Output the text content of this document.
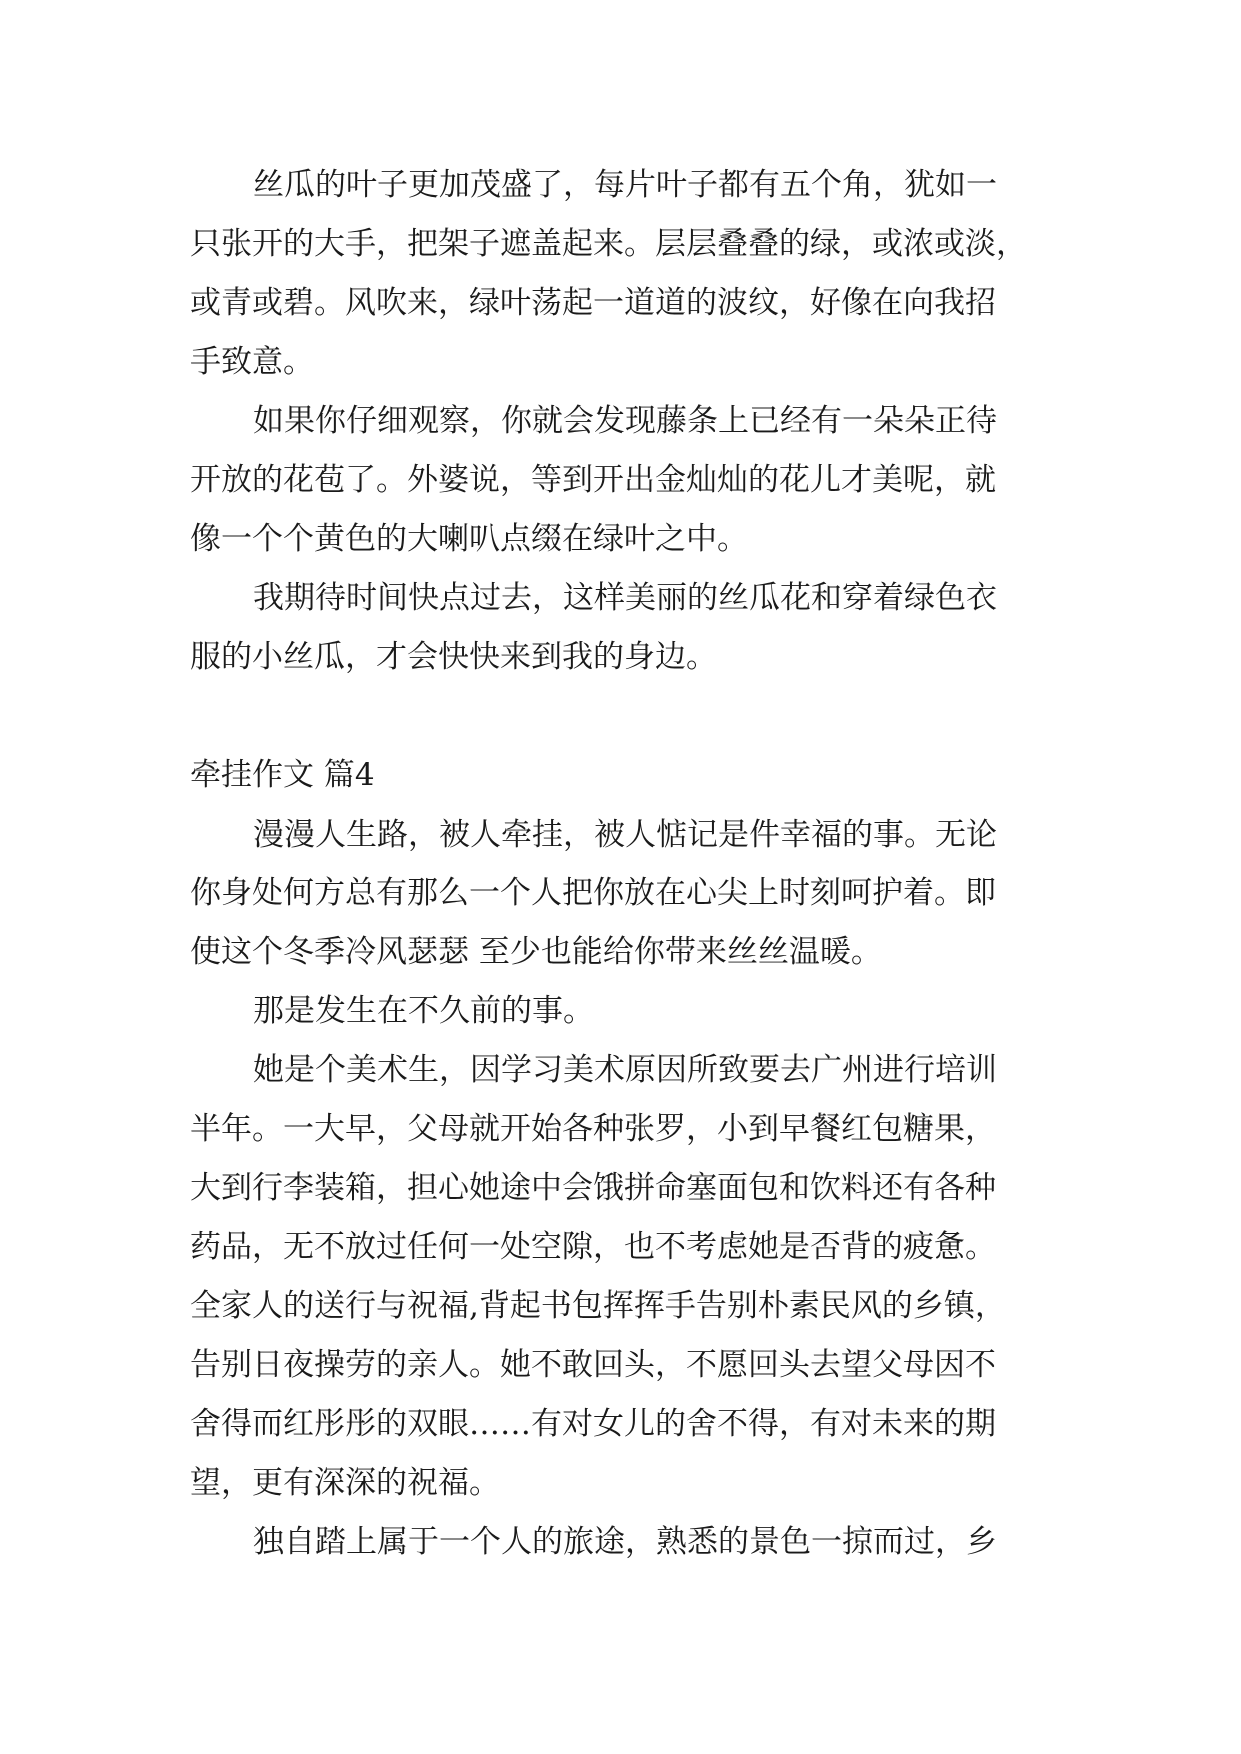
丝瓜的叶子更加茂盛了，每片叶子都有五个角，犹如一
只张开的大手，把架子遮盖起来。层层叠叠的绿，或浓或淡，
或青或碧。风吹来，绿叶荡起一道道的波纹，好像在向我招
手致意。
如果你仔细观察，你就会发现藤条上已经有一朵朵正待
开放的花苞了。外婆说，等到开出金灿灿的花儿才美呢，就
像一个个黄色的大喇叭点缀在绿叶之中。
我期待时间快点过去，这样美丽的丝瓜花和穿着绿色衣
服的小丝瓜，才会快快来到我的身边。
牵挂作文 篇4
漫漫人生路，被人牵挂，被人惦记是件幸福的事。无论
你身处何方总有那么一个人把你放在心尖上时刻呵护着。即
使这个冬季冷风瑟瑟 至少也能给你带来丝丝温暖。
那是发生在不久前的事。
她是个美术生，因学习美术原因所致要去广州进行培训
半年。一大早，父母就开始各种张罗，小到早餐红包糖果，
大到行李装箱，担心她途中会饿拼命塞面包和饮料还有各种
药品，无不放过任何一处空隙，也不考虑她是否背的疲惫。
全家人的送行与祝福,背起书包挥挥手告别朴素民风的乡镇，
告别日夜操劳的亲人。她不敢回头，不愿回头去望父母因不
舍得而红彤彤的双眼……有对女儿的舍不得，有对未来的期
望，更有深深的祝福。
独自踏上属于一个人的旅途，熟悉的景色一掠而过，乡
